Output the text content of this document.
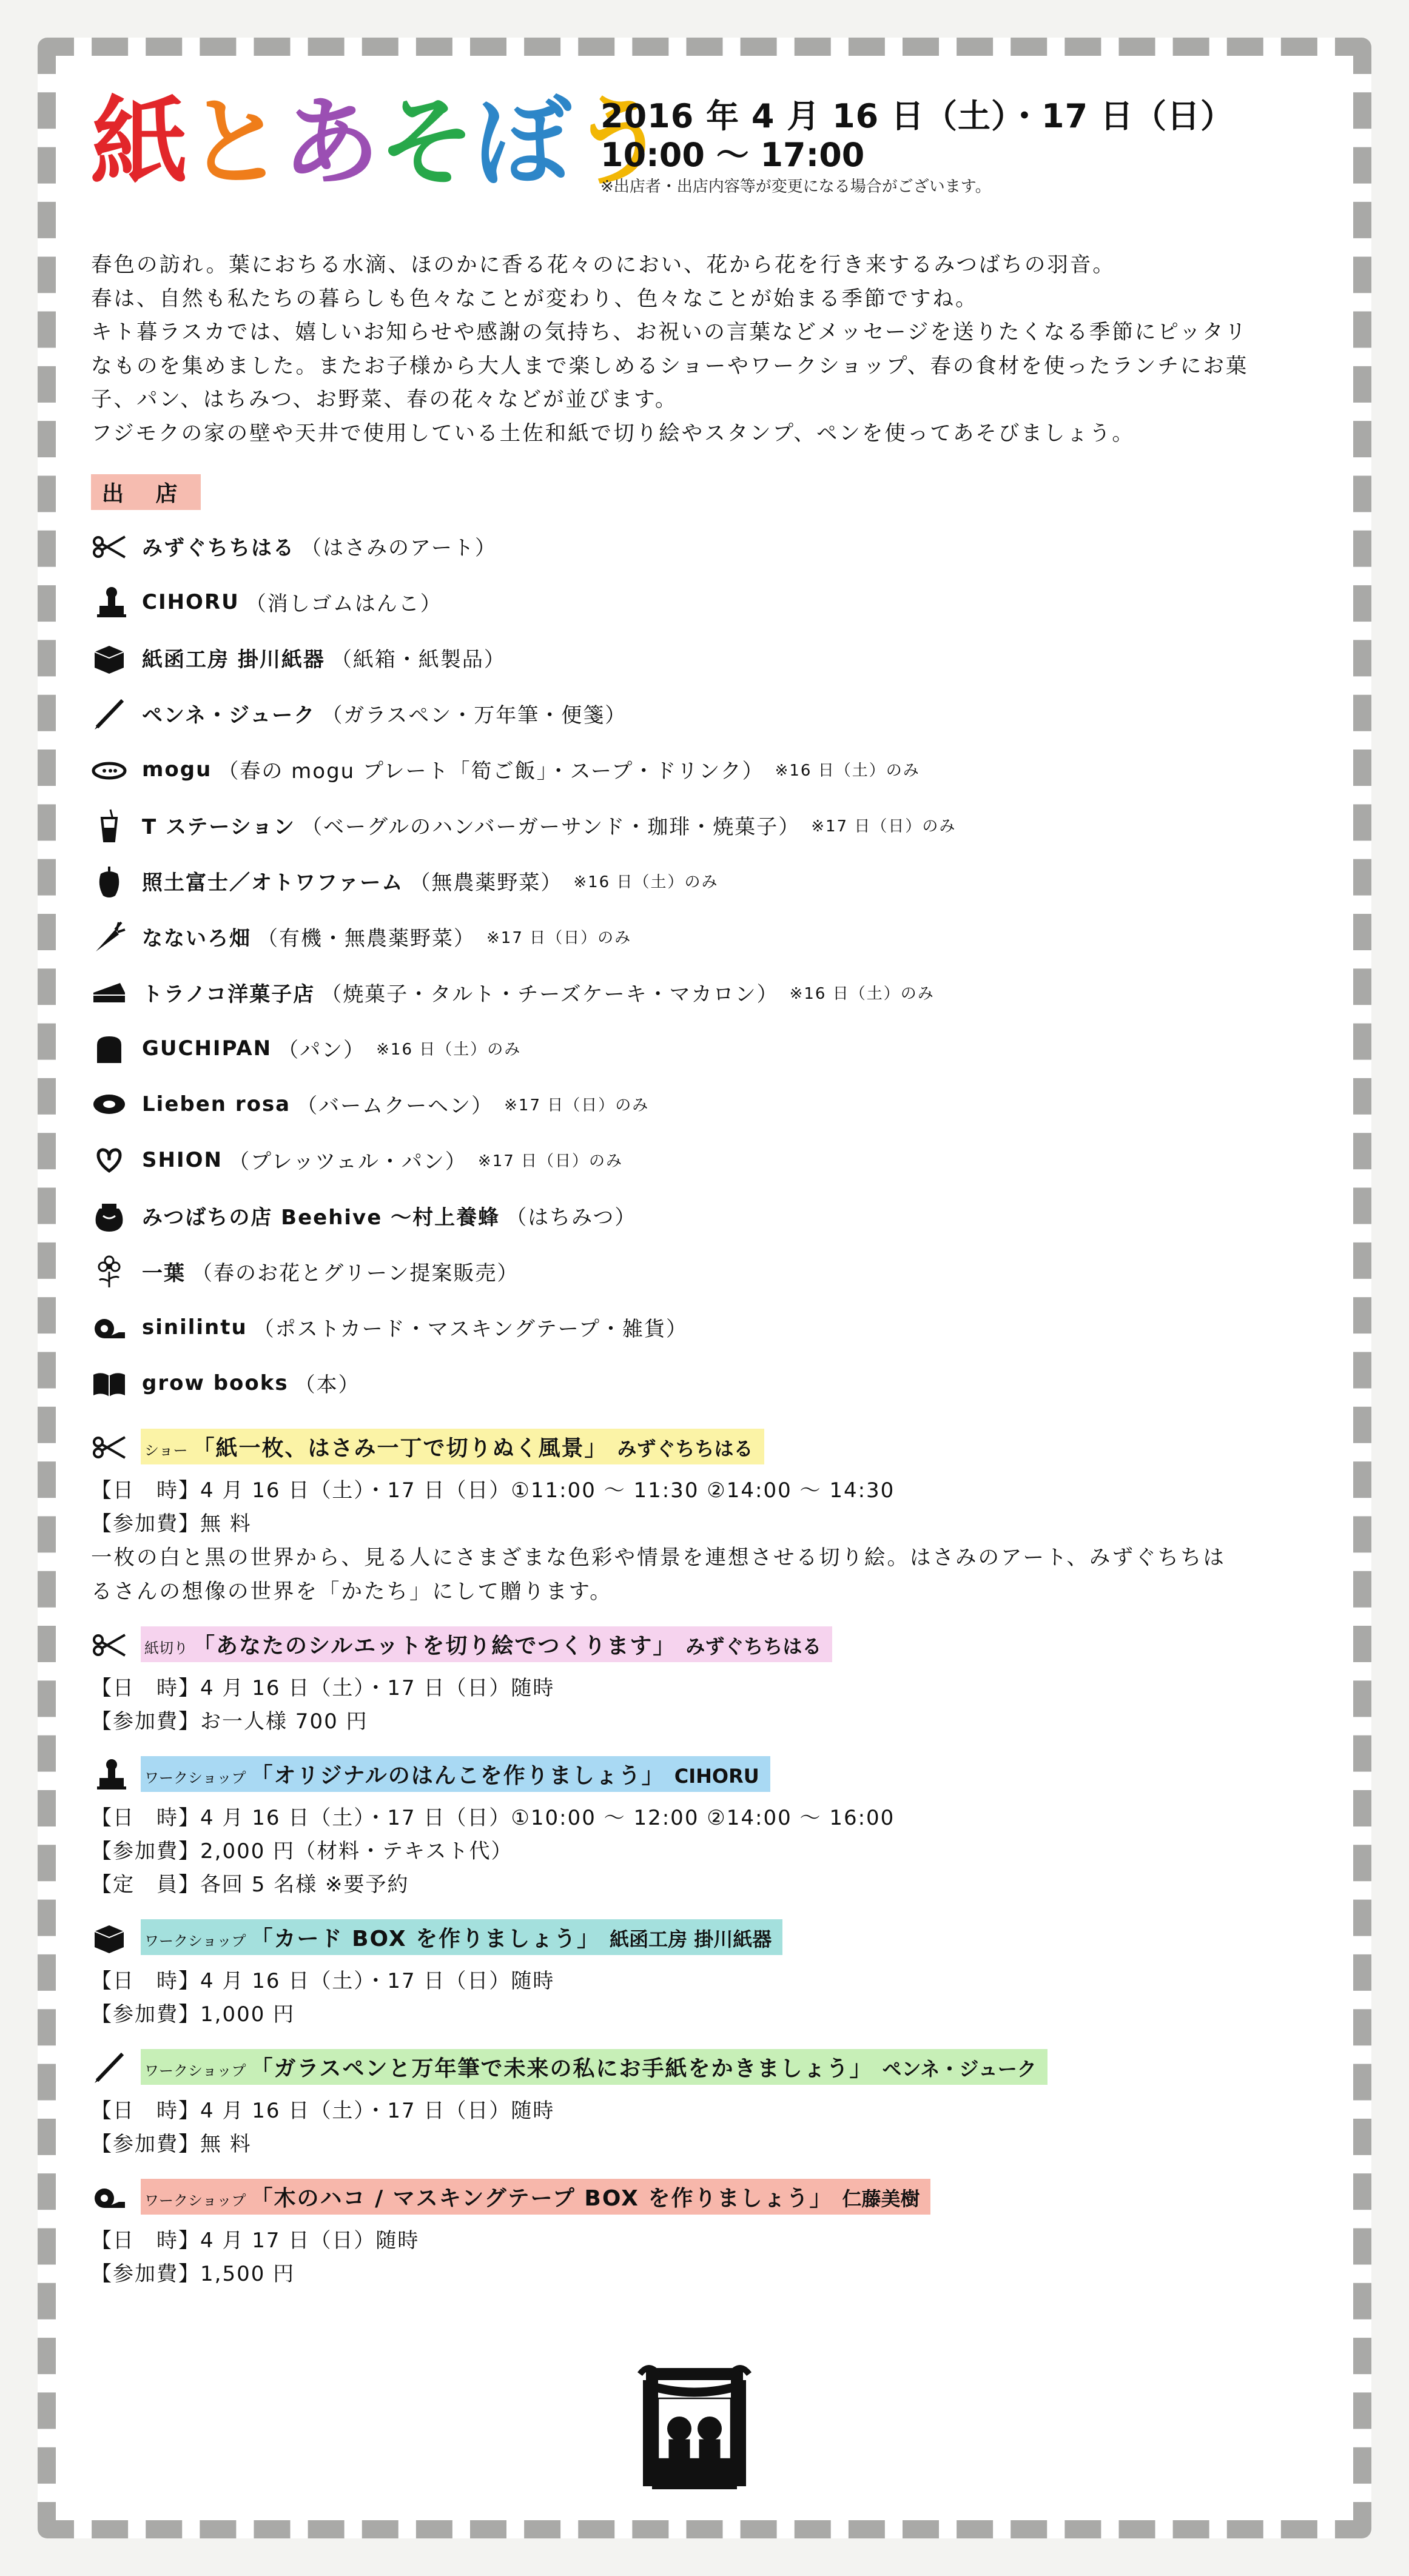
紙とあそぼう
2016 年 4 月 16 日（土）・17 日（日）
10:00 〜 17:00
※出店者・出店内容等が変更になる場合がございます。

春色の訪れ。葉におちる水滴、ほのかに香る花々のにおい、花から花を行き来するみつばちの羽音。

春は、自然も私たちの暮らしも色々なことが変わり、色々なことが始まる季節ですね。

キト暮ラスカでは、嬉しいお知らせや感謝の気持ち、お祝いの言葉などメッセージを送りたくなる季節にピッタリ

なものを集めました。またお子様から大人まで楽しめるショーやワークショップ、春の食材を使ったランチにお菓

子、パン、はちみつ、お野菜、春の花々などが並びます。

フジモクの家の壁や天井で使用している土佐和紙で切り絵やスタンプ、ペンを使ってあそびましょう。

出 店
みずぐちちはる （はさみのアート）
CIHORU （消しゴムはんこ）
紙函工房 掛川紙器 （紙箱・紙製品）
ペンネ・ジューク （ガラスペン・万年筆・便箋）
mogu （春の mogu プレート「筍ご飯」・スープ・ドリンク） ※16 日（土）のみ
T ステーション （ベーグルのハンバーガーサンド・珈琲・焼菓子） ※17 日（日）のみ
照土富士／オトワファーム （無農薬野菜） ※16 日（土）のみ
なないろ畑 （有機・無農薬野菜） ※17 日（日）のみ
トラノコ洋菓子店 （焼菓子・タルト・チーズケーキ・マカロン） ※16 日（土）のみ
GUCHIPAN （パン） ※16 日（土）のみ
Lieben rosa （バームクーヘン） ※17 日（日）のみ
SHION （プレッツェル・パン） ※17 日（日）のみ
みつばちの店 Beehive 〜村上養蜂 （はちみつ）
一葉 （春のお花とグリーン提案販売）
sinilintu （ポストカード・マスキングテープ・雑貨）
grow books （本）
ショー 「紙一枚、はさみ一丁で切りぬく風景」 みずぐちちはる
【日　時】4 月 16 日（土）・17 日（日）①11:00 〜 11:30 ②14:00 〜 14:30
【参加費】無 料
一枚の白と黒の世界から、見る人にさまざまな色彩や情景を連想させる切り絵。はさみのアート、みずぐちちは
るさんの想像の世界を「かたち」にして贈ります。
紙切り 「あなたのシルエットを切り絵でつくります」 みずぐちちはる
【日　時】4 月 16 日（土）・17 日（日）随時
【参加費】お一人様 700 円
ワークショップ 「オリジナルのはんこを作りましょう」 CIHORU
【日　時】4 月 16 日（土）・17 日（日）①10:00 〜 12:00 ②14:00 〜 16:00
【参加費】2,000 円（材料・テキスト代）
【定　員】各回 5 名様 ※要予約
ワークショップ 「カード BOX を作りましょう」 紙函工房 掛川紙器
【日　時】4 月 16 日（土）・17 日（日）随時
【参加費】1,000 円
ワークショップ 「ガラスペンと万年筆で未来の私にお手紙をかきましょう」 ペンネ・ジューク
【日　時】4 月 16 日（土）・17 日（日）随時
【参加費】無 料
ワークショップ 「木のハコ / マスキングテープ BOX を作りましょう」 仁藤美樹
【日　時】4 月 17 日（日）随時
【参加費】1,500 円
